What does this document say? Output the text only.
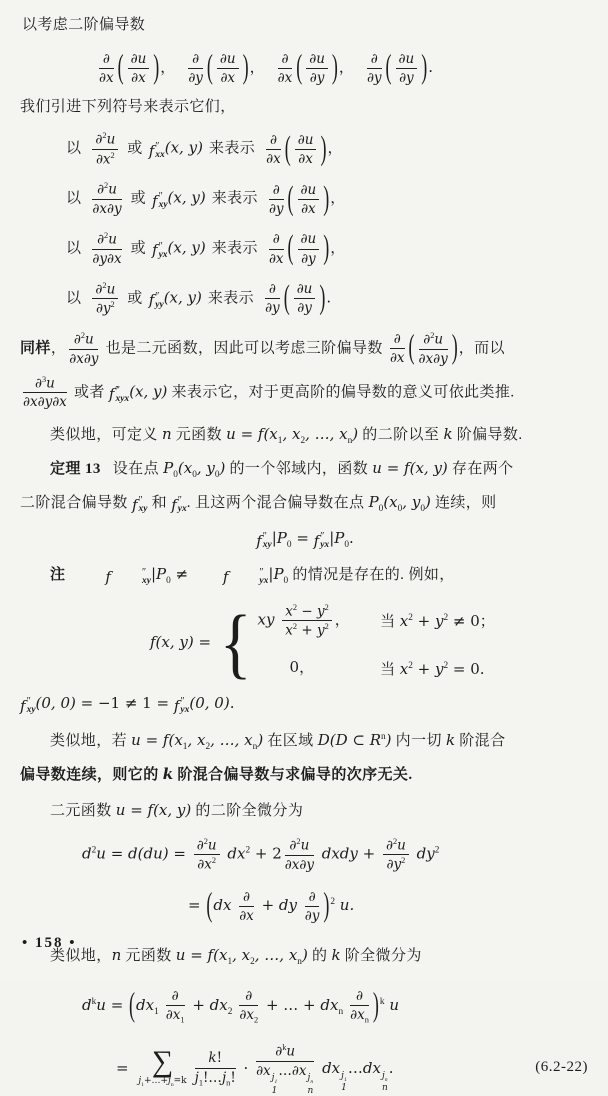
以考虑二阶偏导数
$\frac{\partial}{\partial x}$ ( $\frac{\partial u}{\partial x}$ )， $\frac{\partial}{\partial y}$ ( $\frac{\partial u}{\partial x}$ )， $\frac{\partial}{\partial x}$ ( $\frac{\partial u}{\partial y}$ )， $\frac{\partial}{\partial y}$ ( $\frac{\partial u}{\partial y}$ ).
我们引进下列符号来表示它们，
以 $\frac{\partial^2u}{\partial x^2}$ 或 f ″
xx (x, y) 来表示 $\frac{\partial}{\partial x}$ ( $\frac{\partial u}{\partial x}$ )，
以 $\frac{\partial^2u}{\partial x\partial y}$ 或 f ″
xy (x, y) 来表示 $\frac{\partial}{\partial y}$ ( $\frac{\partial u}{\partial x}$ )，
以 $\frac{\partial^2u}{\partial y\partial x}$ 或 f ″
yx (x, y) 来表示 $\frac{\partial}{\partial x}$ ( $\frac{\partial u}{\partial y}$ )，
以 $\frac{\partial^2u}{\partial y^2}$ 或 f ″
yy (x, y) 来表示 $\frac{\partial}{\partial y}$ ( $\frac{\partial u}{\partial y}$ ).
同样， $\frac{\partial^2u}{\partial x\partial y}$ 也是二元函数，因此可以考虑三阶偏导数 $\frac{\partial}{\partial x}$ ( $\frac{\partial^2u}{\partial x\partial y}$ )，而以
$\frac{\partial^3u}{\partial x\partial y\partial x}$ 或者 f ‴
xyx (x, y) 来表示它，对于更高阶的偏导数的意义可依此类推.
类似地，可定义 n 元函数 $u = f(x_1$, $x_2$, …, $x_n$) 的二阶以至 k 阶偏导数.
定理 13 设在点 $P_0(x_0$, $y_0$) 的一个邻域内，函数 u = f(x, y) 存在两个
二阶混合偏导数 f ″
xy 和 f ″
yx . 且这两个混合偏导数在点 $P_0(x_0$, $y_0$) 连续，则
f ″
xy $|P_0 = f$ ″
yx $|P_0$.
注	f	″
xy $|P_0$ ≠	f	″
yx $|P_0$ 的情况是存在的. 例如，
f(x, y) = { xy $\frac{x^2 - y^2}{x^2 + y^2}$ ， 当 $x^2 + y^2 \ne 0$；
0，	当 $x^2 + y^2 = 0$.
f ″
xy (0, 0) = −1 ≠ 1 = f ″
yx (0, 0).
类似地，若 $u = f(x_1$, $x_2$, …, $x_n$) 在区域 D(D ⊂ $R^n$) 内一切 k 阶混合
偏导数连续，则它的 k 阶混合偏导数与求偏导的次序无关.
二元函数 u = f(x, y) 的二阶全微分为
$d^2u = d(du) = \frac{\partial^2u}{\partial x^2} dx^2 + 2 \frac{\partial^2u}{\partial x\partial y}$ dxdy + $\frac{\partial^2u}{\partial y^2} dy^2$
= ($dx \frac{\partial}{\partial x}$ + dy $\frac{\partial}{\partial y} )^2$ u.
类似地，n 元函数 $u = f(x_1$, $x_2$, …, $x_n$) 的 k 阶全微分为
$d^ku = (dx_1 \frac{\partial}{\partial x_1} + dx_2 \frac{\partial}{\partial x_2}$ + … + $dx_n \frac{\partial}{\partial x_n} )^k$ u
= ∑
$j_1+\dots+j_n=k \frac{k!}{j_1!\dots j_n!} \cdot \partial^ku$
∂x $j_1$
1
…∂x $j_n$
n dx $j_1$
1
…dx $j_n$
n
.	(6.2-22)
• 158 •
